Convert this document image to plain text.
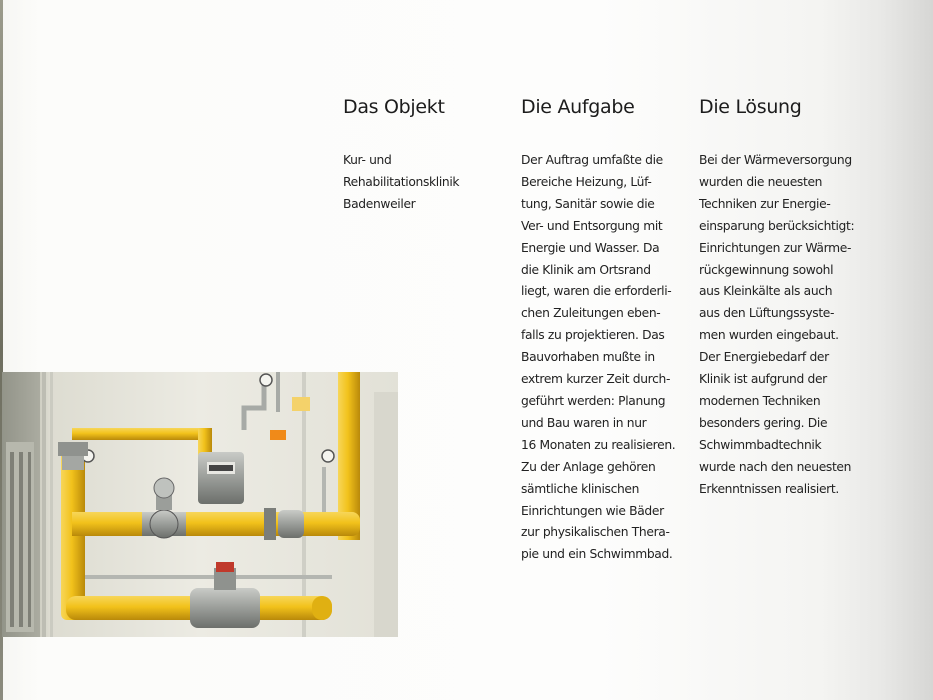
Das Objekt

Kur- und
Rehabilitationsklinik
Badenweiler

Die Aufgabe

Der Auftrag umfaßte die
Bereiche Heizung, Lüf-
tung, Sanitär sowie die
Ver- und Entsorgung mit
Energie und Wasser. Da
die Klinik am Ortsrand
liegt, waren die erforderli-
chen Zuleitungen eben-
falls zu projektieren. Das
Bauvorhaben mußte in
extrem kurzer Zeit durch-
geführt werden: Planung
und Bau waren in nur
16 Monaten zu realisieren.
Zu der Anlage gehören
sämtliche klinischen
Einrichtungen wie Bäder
zur physikalischen Thera-
pie und ein Schwimmbad.

Die Lösung

Bei der Wärmeversorgung
wurden die neuesten
Techniken zur Energie-
einsparung berücksichtigt:
Einrichtungen zur Wärme-
rückgewinnung sowohl
aus Kleinkälte als auch
aus den Lüftungssyste-
men wurden eingebaut.
Der Energiebedarf der
Klinik ist aufgrund der
modernen Techniken
besonders gering. Die
Schwimmbadtechnik
wurde nach den neuesten
Erkenntnissen realisiert.
